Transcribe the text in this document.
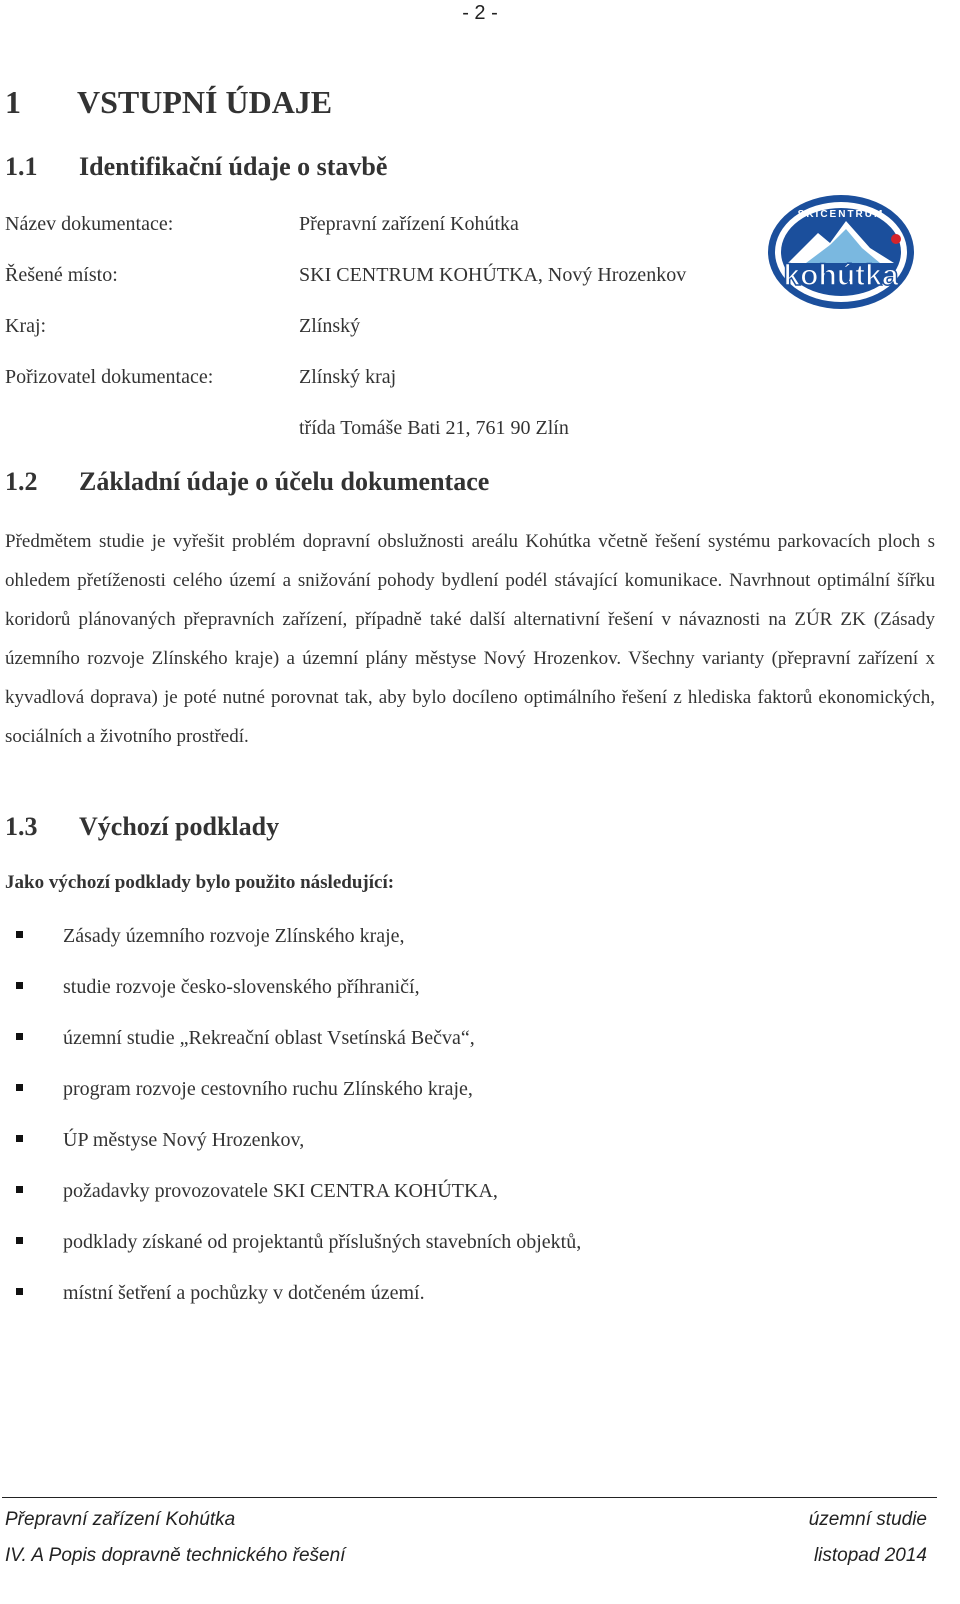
- 2 -
1 VSTUPNÍ ÚDAJE
1.1 Identifikační údaje o stavbě
Název dokumentace:	Přepravní zařízení Kohútka
Řešené místo:	SKI CENTRUM KOHÚTKA, Nový Hrozenkov
Kraj:	Zlínský
Pořizovatel dokumentace:	Zlínský kraj
třída Tomáše Bati 21, 761 90 Zlín
SKICENTRUM
kohútka
1.2 Základní údaje o účelu dokumentace
Předmětem studie je vyřešit problém dopravní obslužnosti areálu Kohútka včetně řešení systému parkovacích ploch s ohledem přetíženosti celého území a snižování pohody bydlení podél stávající komunikace. Navrhnout optimální šířku koridorů plánovaných přepravních zařízení, případně také další alternativní řešení v návaznosti na ZÚR ZK (Zásady územního rozvoje Zlínského kraje) a územní plány městyse Nový Hrozenkov. Všechny varianty (přepravní zařízení x kyvadlová doprava) je poté nutné porovnat tak, aby bylo docíleno optimálního řešení z hlediska faktorů ekonomických, sociálních a životního prostředí.
1.3 Výchozí podklady
Jako výchozí podklady bylo použito následující:
Zásady územního rozvoje Zlínského kraje,
studie rozvoje česko-slovenského příhraničí,
územní studie „Rekreační oblast Vsetínská Bečva“,
program rozvoje cestovního ruchu Zlínského kraje,
ÚP městyse Nový Hrozenkov,
požadavky provozovatele SKI CENTRA KOHÚTKA,
podklady získané od projektantů příslušných stavebních objektů,
místní šetření a pochůzky v dotčeném území.
Přepravní zařízení Kohútka	územní studie
IV. A Popis dopravně technického řešení	listopad 2014
